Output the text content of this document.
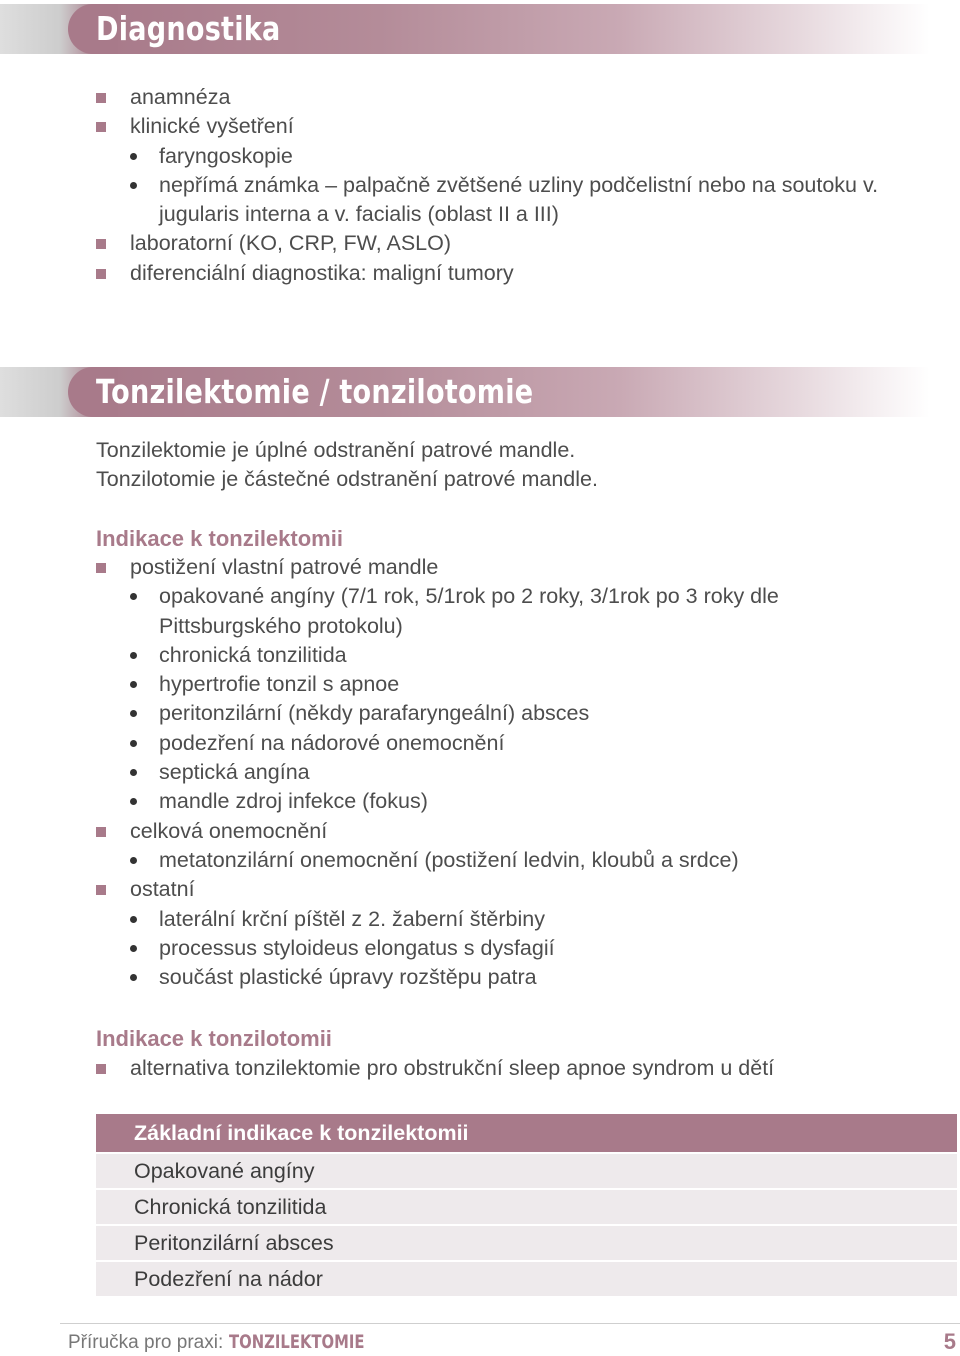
Diagnostika
anamnéza
klinické vyšetření
faryngoskopie
nepřímá známka – palpačně zvětšené uzliny podčelistní nebo na soutoku v. jugularis interna a v. facialis (oblast II a III)
laboratorní (KO, CRP, FW, ASLO)
diferenciální diagnostika: maligní tumory
Tonzilektomie / tonzilotomie

Tonzilektomie je úplné odstranění patrové mandle.
Tonzilotomie je částečné odstranění patrové mandle.

Indikace k tonzilektomii
postižení vlastní patrové mandle
opakované angíny (7/1 rok, 5/1rok po 2 roky, 3/1rok po 3 roky dle Pittsburgského protokolu)
chronická tonzilitida
hypertrofie tonzil s apnoe
peritonzilární (někdy parafaryngeální) absces
podezření na nádorové onemocnění
septická angína
mandle zdroj infekce (fokus)
celková onemocnění
metatonzilární onemocnění (postižení ledvin, kloubů a srdce)
ostatní
laterální krční píštěl z 2. žaberní štěrbiny
processus styloideus elongatus s dysfagií
součást plastické úpravy rozštěpu patra
Indikace k tonzilotomii
alternativa tonzilektomie pro obstrukční sleep apnoe syndrom u dětí
Základní indikace k tonzilektomii
Opakované angíny
Chronická tonzilitida
Peritonzilární absces
Podezření na nádor
Příručka pro praxi: TONZILEKTOMIE	5
